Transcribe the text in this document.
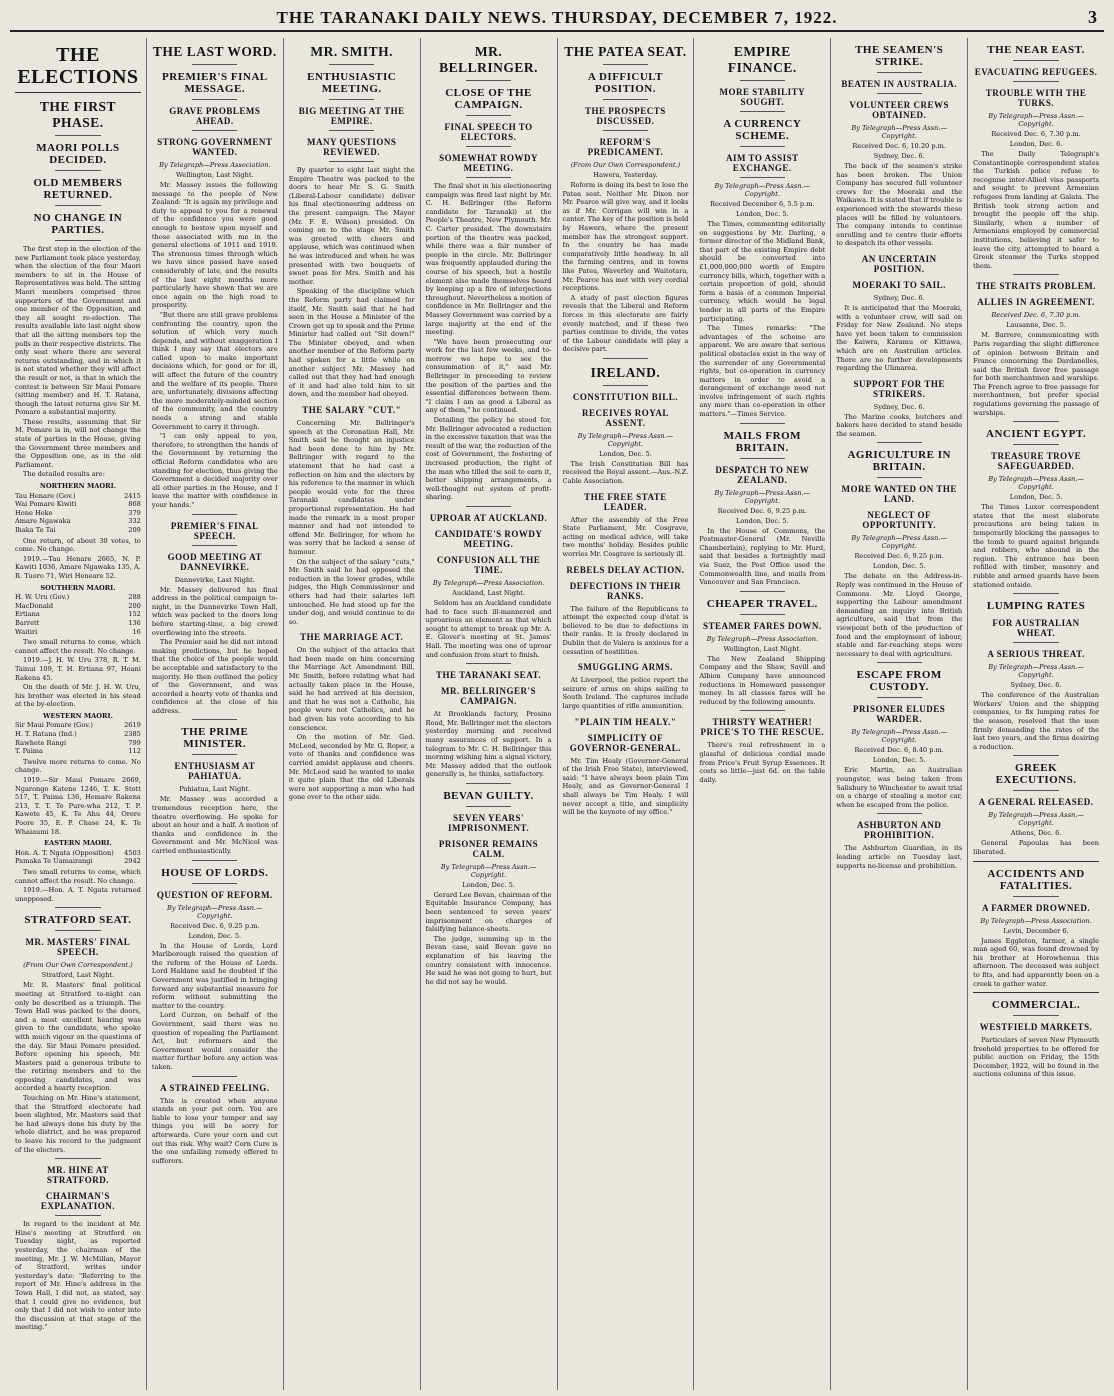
THE TARANAKI DAILY NEWS. THURSDAY, DECEMBER 7, 1922.	3
THE ELECTIONS
THE FIRST PHASE.
MAORI POLLS DECIDED.
OLD MEMBERS RETURNED.
NO CHANGE IN PARTIES.

The first step in the election of the new Parliament took place yesterday, when the election of the four Maori members to sit in the House of Representatives was held. The sitting Maori members comprised three supporters of the Government and one member of the Opposition, and they all sought re-election. The results available late last night show that all the sitting members top the polls in their respective districts. The only seat where there are several returns outstanding, and in which it is not stated whether they will affect the result or not, is that in which the contest is between Sir Maui Pomare (sitting member) and H. T. Ratana, though the latest returns give Sir M. Pomare a substantial majority.

These results, assuming that Sir M. Pomare is in, will not change the state of parties in the House, giving the Government three members and the Opposition one, as in the old Parliament.

The detailed results are:

NORTHERN MAORI.
Tau Henare (Gov.)	2415
Wai Pomare Kiwiti	868
Hone Heke	379
Amare Ngawaka	332
Ihaka Te Tai	209

One return, of about 30 votes, to come. No change.

1919.—Tau Henare 2665, N. P. Kawiti 1036, Amare Ngawaka 135, A. R. Tuoro 71, Wiri Heneare 52.

SOUTHERN MAORI.
H. W. Uru (Gov.)	288
MacDonald	200
Ertiana	152
Barrett	136
Waitiri	16

Two small returns to come, which cannot affect the result. No change.

1919.—J. H. W. Uru 378, R. T. M. Tainui 109, T. H. Ertiana 97, Hoani Rakena 45.

On the death of Mr. J. H. W. Uru, his brother was elected in his stead at the by-election.

WESTERN MAORI.
Sir Maui Pomare (Gov.)	2619
H. T. Ratana (Ind.)	2385
Rawhete Rangi	799
T. Paima	112

Twelve more returns to come. No change.

1919.—Sir Maui Pomare 2669, Ngarongo Katene 1246, T. K. Stott 517, T. Paima 136, Hemare Rakena 213, T. T. Te Pure-wha 212, T. P. Kawete 45, K. Te Ahu 44, Orere Poore 35, E. P. Chase 24, K. Te Whaiaumi 18.

EASTERN MAORI.
Hon. A. T. Ngata (Opposition) 4503
Pamaka Te Uamairangi	2942

Two small returns to come, which cannot affect the result. No change.

1919.—Hon. A. T. Ngata returned unopposed.

STRATFORD SEAT.
MR. MASTERS' FINAL SPEECH.
(From Our Own Correspondent.)
Stratford, Last Night.

Mr. R. Masters' final political meeting at Stratford to-night can only be described as a triumph. The Town Hall was packed to the doors, and a most excellent hearing was given to the candidate, who spoke with much vigour on the questions of the day. Sir Maui Pomare presided. Before opening his speech, Mr. Masters paid a generous tribute to the retiring members and to the opposing candidates, and was accorded a hearty reception.

Touching on Mr. Hine's statement, that the Stratford electorate had been slighted, Mr. Masters said that he had always done his duty by the whole district, and he was prepared to leave his record to the judgment of the electors.

MR. HINE AT STRATFORD.
CHAIRMAN'S EXPLANATION.

In regard to the incident at Mr. Hine's meeting at Stratford on Tuesday night, as reported yesterday, the chairman of the meeting, Mr. J. W. McMillan, Mayor of Stratford, writes under yesterday's date: "Referring to the report of Mr. Hine's address in the Town Hall, I did not, as stated, say that I could give no evidence, but only that I did not wish to enter into the discussion at that stage of the meeting."

THE LAST WORD.
PREMIER'S FINAL MESSAGE.
GRAVE PROBLEMS AHEAD.
STRONG GOVERNMENT WANTED.
By Telegraph—Press Association.
Wellington, Last Night.

Mr. Massey issues the following message to the people of New Zealand: "It is again my privilege and duty to appeal to you for a renewal of the confidence you were good enough to bestow upon myself and those associated with me in the general elections of 1911 and 1919. The strenuous times through which we have since passed have eased considerably of late, and the results of the last eight months more particularly have shown that we are once again on the high road to prosperity.

"But there are still grave problems confronting the country, upon the solution of which very much depends, and without exaggeration I think I may say that electors are called upon to make important decisions which, for good or for ill, will affect the future of the country and the welfare of its people. There are, unfortunately, divisions affecting the more moderately-minded section of the community, and the country needs a strong and stable Government to carry it through.

"I can only appeal to you, therefore, to strengthen the hands of the Government by returning the official Reform candidates who are standing for election, thus giving the Government a decided majority over all other parties in the House, and I leave the matter with confidence in your hands."

PREMIER'S FINAL SPEECH.
GOOD MEETING AT DANNEVIRKE.
Dannevirke, Last Night.

Mr. Massey delivered his final address in the political campaign to-night, in the Dannevirke Town Hall, which was packed to the doors long before starting-time, a big crowd overflowing into the streets.

The Premier said he did not intend making predictions, but he hoped that the choice of the people would be acceptable and satisfactory to the majority. He then outlined the policy of the Government, and was accorded a hearty vote of thanks and confidence at the close of his address.

THE PRIME MINISTER.
ENTHUSIASM AT PAHIATUA.
Pahiatua, Last Night.

Mr. Massey was accorded a tremendous reception here, the theatre overflowing. He spoke for about an hour and a half. A motion of thanks and confidence in the Government and Mr. McNicol was carried enthusiastically.

HOUSE OF LORDS.
QUESTION OF REFORM.
By Telegraph—Press Assn.—Copyright.
Received Dec. 6, 9.25 p.m.
London, Dec. 5.

In the House of Lords, Lord Marlborough raised the question of the reform of the House of Lords. Lord Haldane said he doubted if the Government was justified in bringing forward any substantial measure for reform without submitting the matter to the country.

Lord Curzon, on behalf of the Government, said there was no question of repealing the Parliament Act, but reformers and the Government would consider the matter further before any action was taken.

A STRAINED FEELING.

This is created when anyone stands on your pet corn. You are liable to lose your temper and say things you will be sorry for afterwards. Cure your corn and cut out this risk. Why wait? Corn Cure is the one unfailing remedy offered to sufferers.

MR. SMITH.
ENTHUSIASTIC MEETING.
BIG MEETING AT THE EMPIRE.
MANY QUESTIONS REVIEWED.

By quarter to eight last night the Empire Theatre was packed to the doors to hear Mr. S. G. Smith (Liberal-Labour candidate) deliver his final electioneering address on the present campaign. The Mayor (Mr. F. E. Wilson) presided. On coming on to the stage Mr. Smith was greeted with cheers and applause, which was continued when he was introduced and when he was presented with two bouquets of sweet peas for Mrs. Smith and his mother.

Speaking of the discipline which the Reform party had claimed for itself, Mr. Smith said that he had seen in the House a Minister of the Crown get up to speak and the Prime Minister had called out "Sit down!" The Minister obeyed, and when another member of the Reform party had spoken for a little while on another subject Mr. Massey had called out that they had had enough of it and had also told him to sit down, and the member had obeyed.

THE SALARY "CUT."

Concerning Mr. Bellringer's speech at the Coronation Hall, Mr. Smith said he thought an injustice had been done to him by Mr. Bellringer with regard to the statement that he had cast a reflection on him and the electors by his reference to the manner in which people would vote for the three Taranaki candidates under proportional representation. He had made the remark in a most proper manner and had not intended to offend Mr. Bellringer, for whom he was sorry that he lacked a sense of humour.

On the subject of the salary "cuts," Mr. Smith said he had opposed the reduction in the lower grades, while judges, the High Commissioner and others had had their salaries left untouched. He had stood up for the under dog, and would continue to do so.

THE MARRIAGE ACT.

On the subject of the attacks that had been made on him concerning the Marriage Act Amendment Bill, Mr. Smith, before relating what had actually taken place in the House, said he had arrived at his decision, and that he was not a Catholic, his people were not Catholics, and he had given his vote according to his conscience.

On the motion of Mr. Ged. McLeod, seconded by Mr. G. Roper, a vote of thanks and confidence was carried amidst applause and cheers. Mr. McLeod said he wanted to make it quite plain that the old Liberals were not supporting a man who had gone over to the other side.

MR. BELLRINGER.
CLOSE OF THE CAMPAIGN.
FINAL SPEECH TO ELECTORS.
SOMEWHAT ROWDY MEETING.

The final shot in his electioneering campaign was fired last night by Mr. C. H. Bellringer (the Reform candidate for Taranaki) at the People's Theatre, New Plymouth. Mr. C. Carter presided. The downstairs portion of the theatre was packed, while there was a fair number of people in the circle. Mr. Bellringer was frequently applauded during the course of his speech, but a hostile element also made themselves heard by keeping up a fire of interjections throughout. Nevertheless a motion of confidence in Mr. Bellringer and the Massey Government was carried by a large majority at the end of the meeting.

"We have been prosecuting our work for the last few weeks, and to-morrow we hope to see the consummation of it," said Mr. Bellringer in proceeding to review the position of the parties and the essential differences between them. "I claim I am as good a Liberal as any of them," he continued.

Detailing the policy he stood for, Mr. Bellringer advocated a reduction in the excessive taxation that was the result of the war, the reduction of the cost of Government, the fostering of increased production, the right of the man who tilled the soil to earn it, better shipping arrangements, a well-thought out system of profit-sharing.

UPROAR AT AUCKLAND.
CANDIDATE'S ROWDY MEETING.
CONFUSION ALL THE TIME.
By Telegraph—Press Association.
Auckland, Last Night.

Seldom has an Auckland candidate had to face such ill-mannered and uproarious an element as that which sought to attempt to break up Mr. A. E. Glover's meeting at St. James' Hall. The meeting was one of uproar and confusion from start to finish.

THE TARANAKI SEAT.
MR. BELLRINGER'S CAMPAIGN.

At Brooklands factory, Prosino Road, Mr. Bellringer met the electors yesterday morning and received many assurances of support. In a telegram to Mr. C. H. Bellringer this morning wishing him a signal victory, Mr. Massey added that the outlook generally is, he thinks, satisfactory.

BEVAN GUILTY.
SEVEN YEARS' IMPRISONMENT.
PRISONER REMAINS CALM.
By Telegraph—Press Assn.—Copyright.
London, Dec. 5.

Gerard Lee Bevan, chairman of the Equitable Insurance Company, has been sentenced to seven years' imprisonment on charges of falsifying balance-sheets.

The judge, summing up in the Bevan case, said Bevan gave no explanation of his leaving the country consistent with innocence. He said he was not going to hurt, but he did not say he would.

THE PATEA SEAT.
A DIFFICULT POSITION.
THE PROSPECTS DISCUSSED.
REFORM'S PREDICAMENT.
(From Our Own Correspondent.)
Hawera, Yesterday.

Reform is doing its best to lose the Patea seat. Neither Mr. Dixon nor Mr. Pearce will give way, and it looks as if Mr. Corrigan will win in a canter. The key of the position is held by Hawera, where the present member has the strongest support. In the country he has made comparatively little headway. In all the farming centres, and in towns like Patea, Waverley and Waitotara, Mr. Pearce has met with very cordial receptions.

A study of past election figures reveals that the Liberal and Reform forces in this electorate are fairly evenly matched, and if these two parties continue to divide, the votes of the Labour candidate will play a decisive part.

IRELAND.
CONSTITUTION BILL.
RECEIVES ROYAL ASSENT.
By Telegraph—Press Assn.—Copyright.
London, Dec. 5.

The Irish Constitution Bill has received the Royal assent.—Aus.-N.Z. Cable Association.

THE FREE STATE LEADER.

After the assembly of the Free State Parliament, Mr. Cosgrave, acting on medical advice, will take two months' holiday. Besides public worries Mr. Cosgrave is seriously ill.

REBELS DELAY ACTION.
DEFECTIONS IN THEIR RANKS.

The failure of the Republicans to attempt the expected coup d'etat is believed to be due to defections in their ranks. It is freely declared in Dublin that de Valera is anxious for a cessation of hostilities.

SMUGGLING ARMS.

At Liverpool, the police report the seizure of arms on ships sailing to South Ireland. The captures include large quantities of rifle ammunition.

"PLAIN TIM HEALY."
SIMPLICITY OF GOVERNOR-GENERAL.

Mr. Tim Healy (Governor-General of the Irish Free State), interviewed, said: "I have always been plain Tim Healy, and as Governor-General I shall always be Tim Healy. I will never accept a title, and simplicity will be the keynote of my office."

EMPIRE FINANCE.
MORE STABILITY SOUGHT.
A CURRENCY SCHEME.
AIM TO ASSIST EXCHANGE.
By Telegraph—Press Assn.—Copyright.
Received December 6, 5.5 p.m.
London, Dec. 5.

The Times, commenting editorially on suggestions by Mr. Darling, a former director of the Midland Bank, that part of the existing Empire debt should be converted into £1,000,000,000 worth of Empire currency bills, which, together with a certain proportion of gold, should form a basis of a common Imperial currency, which would be legal tender in all parts of the Empire participating.

The Times remarks: "The advantages of the scheme are apparent. We are aware that serious political obstacles exist in the way of the surrender of any Governmental rights, but co-operation in currency matters in order to avoid a derangement of exchange need not involve infringement of such rights any more than co-operation in other matters."—Times Service.

MAILS FROM BRITAIN.
DESPATCH TO NEW ZEALAND.
By Telegraph—Press Assn.—Copyright.
Received Dec. 6, 9.25 p.m.
London, Dec. 5.

In the House of Commons, the Postmaster-General (Mr. Neville Chamberlain), replying to Mr. Hurd, said that besides a fortnightly mail via Suez, the Post Office used the Commonwealth line, and mails from Vancouver and San Francisco.

CHEAPER TRAVEL.
STEAMER FARES DOWN.
By Telegraph—Press Association.
Wellington, Last Night.

The New Zealand Shipping Company and the Shaw, Savill and Albion Company have announced reductions in Homeward passenger money. In all classes fares will be reduced by the following amounts.

THIRSTY WEATHER! PRICE'S TO THE RESCUE.

There's real refreshment in a glassful of delicious cordial made from Price's Fruit Syrup Essences. It costs so little—just 6d. on the table daily.

THE SEAMEN'S STRIKE.
BEATEN IN AUSTRALIA.
VOLUNTEER CREWS OBTAINED.
By Telegraph—Press Assn.—Copyright.
Received Dec. 6, 10.20 p.m.
Sydney, Dec. 6.

The back of the seamen's strike has been broken. The Union Company has secured full volunteer crews for the Moeraki and the Waikawa. It is stated that if trouble is experienced with the stewards these places will be filled by volunteers. The company intends to continue enrolling and to centre their efforts to despatch its other vessels.

AN UNCERTAIN POSITION.
MOERAKI TO SAIL.
Sydney, Dec. 6.

It is anticipated that the Moeraki, with a volunteer crew, will sail on Friday for New Zealand. No steps have yet been taken to commission the Kaiwra, Karamu or Kittawa, which are on Australian articles. There are no further developments regarding the Ulimaroa.

SUPPORT FOR THE STRIKERS.
Sydney, Dec. 6.

The Marine cooks, butchers and bakers have decided to stand beside the seamen.

AGRICULTURE IN BRITAIN.
MORE WANTED ON THE LAND.
NEGLECT OF OPPORTUNITY.
By Telegraph—Press Assn.—Copyright.
Received Dec. 6, 9.25 p.m.
London, Dec. 5.

The debate on the Address-in-Reply was continued in the House of Commons. Mr. Lloyd George, supporting the Labour amendment demanding an inquiry into British agriculture, said that from the viewpoint both of the production of food and the employment of labour, stable and far-reaching steps were necessary to deal with agriculture.

ESCAPE FROM CUSTODY.
PRISONER ELUDES WARDER.
By Telegraph—Press Assn.—Copyright.
Received Dec. 6, 8.40 p.m.
London, Dec. 5.

Eric Martin, an Australian youngster, was being taken from Salisbury to Winchester to await trial on a charge of stealing a motor car, when he escaped from the police.

ASHBURTON AND PROHIBITION.

The Ashburton Guardian, in its leading article on Tuesday last, supports no-license and prohibition.

THE NEAR EAST.
EVACUATING REFUGEES.
TROUBLE WITH THE TURKS.
By Telegraph—Press Assn.—Copyright.
Received Dec. 6, 7.30 p.m.
London, Dec. 6.

The Daily Telegraph's Constantinople correspondent states the Turkish police refuse to recognise inter-Allied visa passports and sought to prevent Armenian refugees from landing at Galata. The British took strong action and brought the people off the ship. Similarly, when a number of Armenians employed by commercial institutions, believing it safer to leave the city, attempted to board a Greek steamer the Turks stopped them.

THE STRAITS PROBLEM.
ALLIES IN AGREEMENT.
Received Dec. 6, 7.30 p.m.
Lausanne, Dec. 5.

M. Barrere, communicating with Paris regarding the slight difference of opinion between Britain and France concerning the Dardanelles, said the British favor free passage for both merchantmen and warships. The French agree to free passage for merchantmen, but prefer special regulations governing the passage of warships.

ANCIENT EGYPT.
TREASURE TROVE SAFEGUARDED.
By Telegraph—Press Assn.—Copyright.
London, Dec. 5.

The Times Luxor correspondent states that the most elaborate precautions are being taken in temporarily blocking the passages to the tomb to guard against brigands and robbers, who abound in the region. The entrance has been refilled with timber, masonry and rubble and armed guards have been stationed outside.

LUMPING RATES
FOR AUSTRALIAN WHEAT.
A SERIOUS THREAT.
By Telegraph—Press Assn.—Copyright.
Sydney, Dec. 6.

The conference of the Australian Workers' Union and the shipping companies, to fix lumping rates for the season, resolved that the men firmly demanding the rates of the last two years, and the firms desiring a reduction.

GREEK EXECUTIONS.
A GENERAL RELEASED.
By Telegraph—Press Assn.—Copyright.
Athens, Dec. 6.

General Papoulas has been liberated.

ACCIDENTS AND FATALITIES.
A FARMER DROWNED.
By Telegraph—Press Association.
Levin, December 6.

James Eggleton, farmer, a single man aged 60, was found drowned by his brother at Horowhenua this afternoon. The deceased was subject to fits, and had apparently been on a creek to gather water.

COMMERCIAL.
WESTFIELD MARKETS.

Particulars of seven New Plymouth freehold properties to be offered for public auction on Friday, the 15th December, 1922, will be found in the auctions columns of this issue.
